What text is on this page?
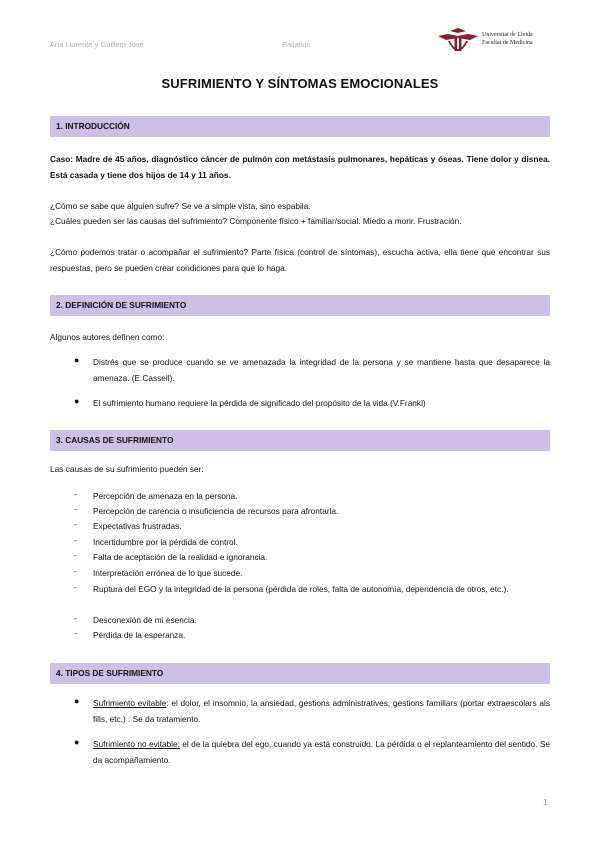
Ana Llorente y Guillem Jové	Paliatius
Universitat de Lleida
Facultat de Medicina
SUFRIMIENTO Y SÍNTOMAS EMOCIONALES
1. INTRODUCCIÓN
Caso: Madre de 45 años, diagnóstico cáncer de pulmón con metástasis pulmonares, hepáticas y óseas. Tiene dolor y disnea. Está casada y tiene dos hijos de 14 y 11 años.
¿Cómo se sabe que alguien sufre? Se ve a simple vista, sino espabila.
¿Cuáles pueden ser las causas del sufrimiento? Componente físico + familiar/social. Miedo a morir. Frustración.
¿Cómo podemos tratar o acompañar el sufrimiento? Parte física (control de síntomas), escucha activa, ella tiene que encontrar sus respuestas, pero se pueden crear condiciones para que lo haga.
2. DEFINICIÓN DE SUFRIMIENTO
Algunos autores definen como:
● Distrés que se produce cuando se ve amenazada la integridad de la persona y se mantiene hasta que desaparece la amenaza. (E.Cassell).
● El sufrimiento humano requiere la pérdida de significado del propósito de la vida (V.Frankl)
3. CAUSAS DE SUFRIMIENTO
Las causas de su sufrimiento pueden ser:
- Percepción de amenaza en la persona.
- Percepción de carencia o insuficiencia de recursos para afrontarla.
- Expectativas frustradas.
- Incertidumbre por la pérdida de control.
- Falta de aceptación de la realidad e ignorancia.
- Interpretación errónea de lo que sucede.
- Ruptura del EGO y la integridad de la persona (pérdida de roles, falta de autonomía, dependencia de otros, etc.).
- Desconexión de mi esencia.
- Pérdida de la esperanza.
4. TIPOS DE SUFRIMIENTO
● Sufrimiento evitable: el dolor, el insomnio, la ansiedad, gestions administratives, gestions familiars (portar extraescolars als fills, etc.) . Se da tratamiento.
● Sufrimiento no evitable: el de la quiebra del ego, cuando ya está construido. La pérdida o el replanteamiento del sentido. Se da acompañamiento.
1
